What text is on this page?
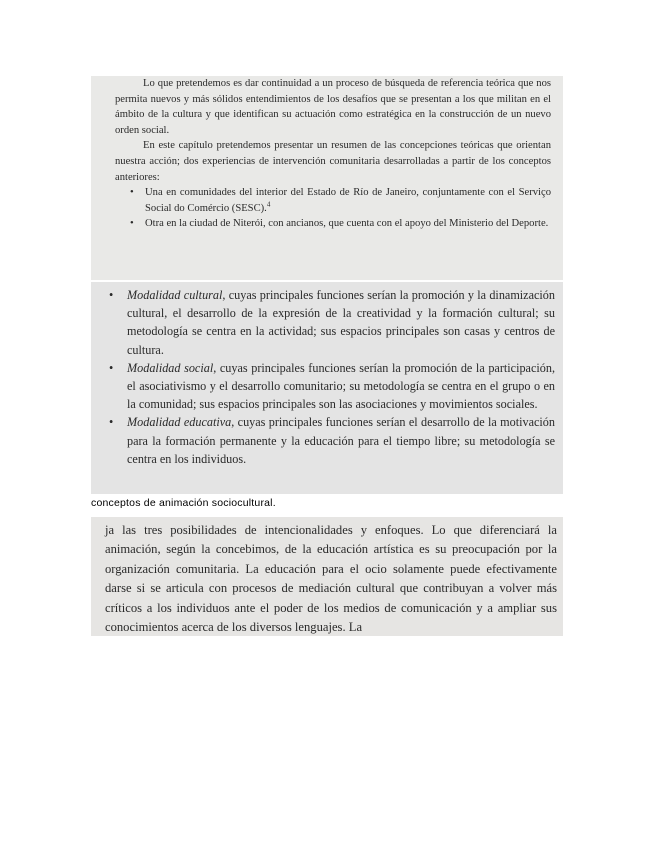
Lo que pretendemos es dar continuidad a un proceso de búsqueda de referencia teórica que nos permita nuevos y más sólidos entendimientos de los desafíos que se presentan a los que militan en el ámbito de la cultura y que identifican su actuación como estratégica en la construcción de un nuevo orden social.

En este capítulo pretendemos presentar un resumen de las concepciones teóricas que orientan nuestra acción; dos experiencias de intervención comunitaria desarrolladas a partir de los conceptos anteriores:

• Una en comunidades del interior del Estado de Río de Janeiro, conjuntamente con el Serviço Social do Comércio (SESC).$^4$
• Otra en la ciudad de Niterói, con ancianos, que cuenta con el apoyo del Ministerio del Deporte.
• Modalidad cultural, cuyas principales funciones serían la promoción y la dinamización cultural, el desarrollo de la expresión de la creatividad y la formación cultural; su metodología se centra en la actividad; sus espacios principales son casas y centros de cultura.
• Modalidad social, cuyas principales funciones serían la promoción de la participación, el asociativismo y el desarrollo comunitario; su metodología se centra en el grupo o en la comunidad; sus espacios principales son las asociaciones y movimientos sociales.
• Modalidad educativa, cuyas principales funciones serían el desarrollo de la motivación para la formación permanente y la educación para el tiempo libre; su metodología se centra en los individuos.
conceptos de animación sociocultural.

ja las tres posibilidades de intencionalidades y enfoques. Lo que diferenciará la animación, según la concebimos, de la educación artística es su preocupación por la organización comunitaria. La educación para el ocio solamente puede efectivamente darse si se articula con procesos de mediación cultural que contribuyan a volver más críticos a los individuos ante el poder de los medios de comunicación y a ampliar sus conocimientos acerca de los diversos lenguajes. La
